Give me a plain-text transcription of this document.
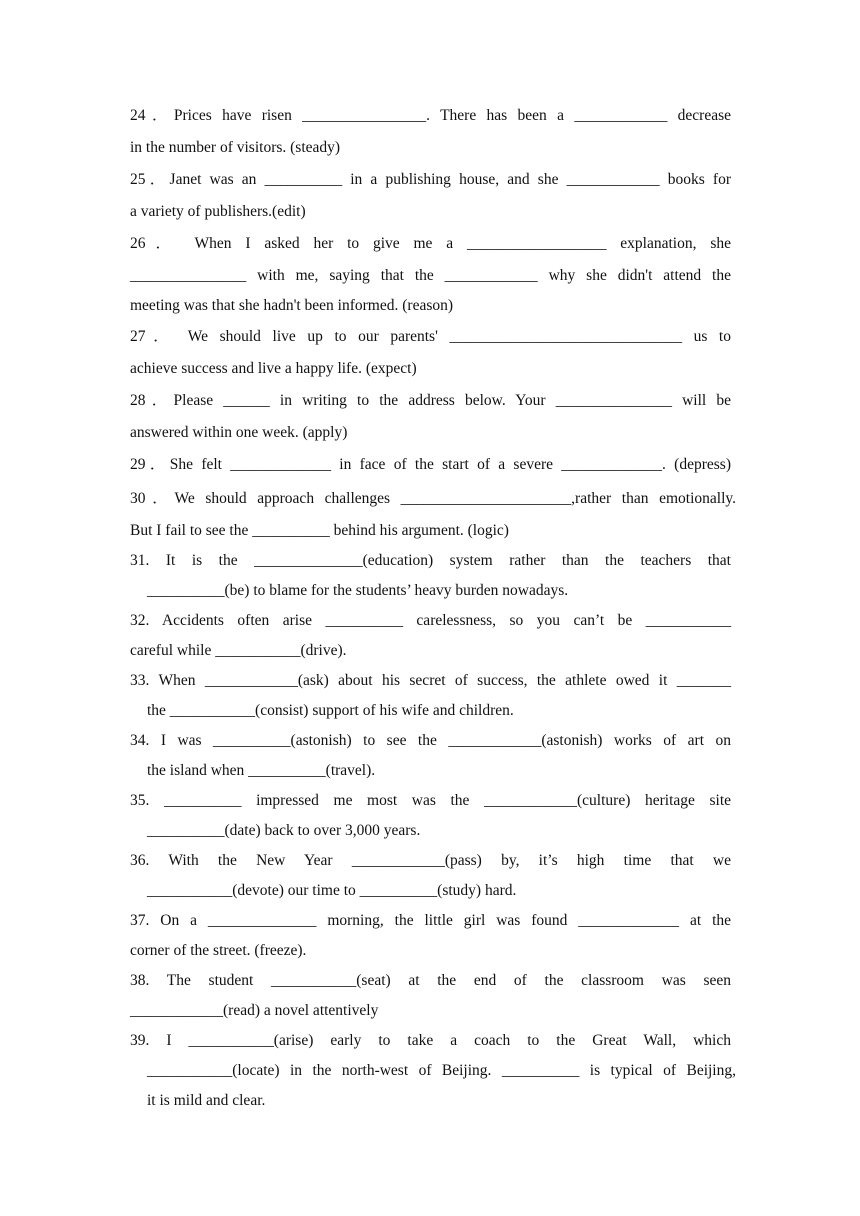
24．Prices have risen ________________. There has been a ____________ decrease
in the number of visitors. (steady)
25．Janet was an __________ in a publishing house, and she ____________ books for
a variety of publishers.(edit)
26． When I asked her to give me a __________________ explanation, she
_______________ with me, saying that the ____________ why she didn't attend the
meeting was that she hadn't been informed. (reason)
27． We should live up to our parents' ______________________________ us to
achieve success and live a happy life. (expect)
28．Please ______ in writing to the address below. Your _______________ will be
answered within one week. (apply)
29．She felt _____________ in face of the start of a severe _____________. (depress)
30．We should approach challenges ______________________,rather than emotionally.
But I fail to see the __________ behind his argument. (logic)
31. It is the ______________(education) system rather than the teachers that
__________(be) to blame for the students’ heavy burden nowadays.
32. Accidents often arise __________ carelessness, so you can’t be ___________
careful while ___________(drive).
33. When ____________(ask) about his secret of success, the athlete owed it _______
the ___________(consist) support of his wife and children.
34. I was __________(astonish) to see the ____________(astonish) works of art on
the island when __________(travel).
35. __________ impressed me most was the ____________(culture) heritage site
__________(date) back to over 3,000 years.
36. With the New Year ____________(pass) by, it’s high time that we
___________(devote) our time to __________(study) hard.
37. On a ______________ morning, the little girl was found _____________ at the
corner of the street. (freeze).
38. The student ___________(seat) at the end of the classroom was seen
____________(read) a novel attentively
39. I ___________(arise) early to take a coach to the Great Wall, which
___________(locate) in the north-west of Beijing. __________ is typical of Beijing,
it is mild and clear.
